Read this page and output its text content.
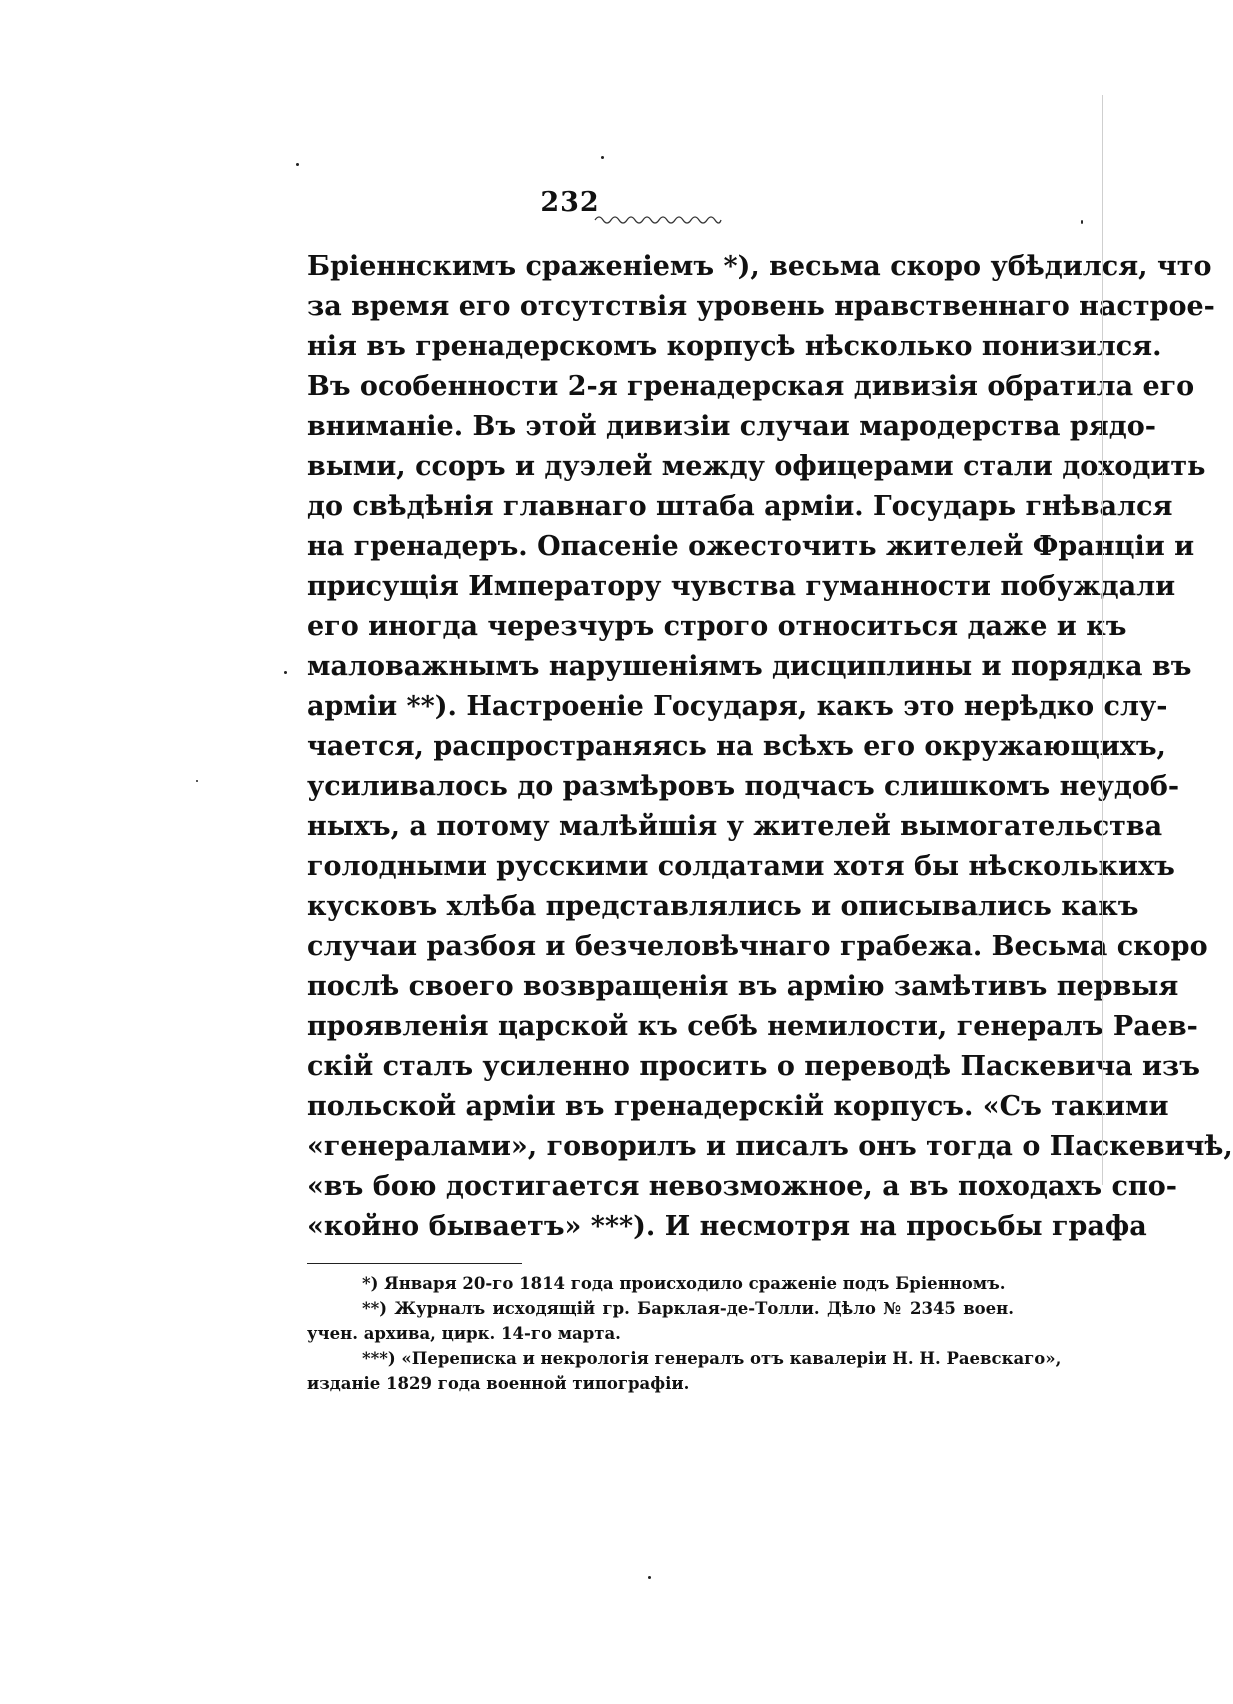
232
Бріеннскимъ сраженіемъ *), весьма скоро убѣдился, что
за время его отсутствія уровень нравственнаго настрое-
нія въ гренадерскомъ корпусѣ нѣсколько понизился.
Въ особенности 2-я гренадерская дивизія обратила его
вниманіе. Въ этой дивизіи случаи мародерства рядо-
выми, ссоръ и дуэлей между офицерами стали доходить
до свѣдѣнія главнаго штаба арміи. Государь гнѣвался
на гренадеръ. Опасеніе ожесточить жителей Франціи и
присущія Императору чувства гуманности побуждали
его иногда черезчуръ строго относиться даже и къ
маловажнымъ нарушеніямъ дисциплины и порядка въ
арміи **). Настроеніе Государя, какъ это нерѣдко слу-
чается, распространяясь на всѣхъ его окружающихъ,
усиливалось до размѣровъ подчасъ слишкомъ неудоб-
ныхъ, а потому малѣйшія у жителей вымогательства
голодными русскими солдатами хотя бы нѣсколькихъ
кусковъ хлѣба представлялись и описывались какъ
случаи разбоя и безчеловѣчнаго грабежа. Весьма скоро
послѣ своего возвращенія въ армію замѣтивъ первыя
проявленія царской къ себѣ немилости, генералъ Раев-
скій сталъ усиленно просить о переводѣ Паскевича изъ
польской арміи въ гренадерскій корпусъ. «Съ такими
«генералами», говорилъ и писалъ онъ тогда о Паскевичѣ,
«въ бою достигается невозможное, а въ походахъ спо-
«койно бываетъ» ***). И несмотря на просьбы графа
*) Января 20-го 1814 года происходило сраженіе подъ Бріенномъ.
**) Журналъ исходящій гр. Барклая-де-Толли. Дѣло № 2345 воен.
учен. архива, цирк. 14-го марта.
***) «Переписка и некрологія генералъ отъ кавалеріи Н. Н. Раевскаго»,
изданіе 1829 года военной типографіи.
